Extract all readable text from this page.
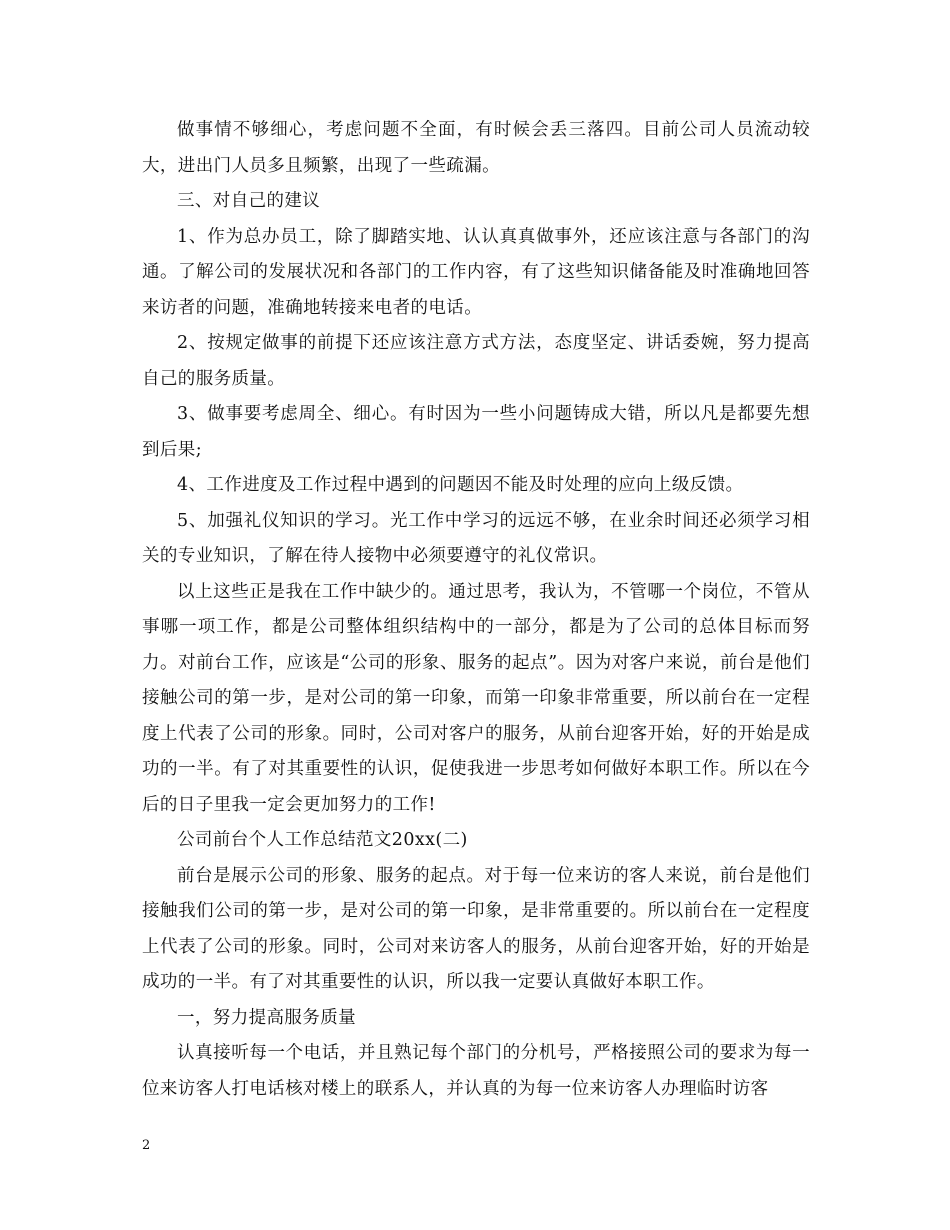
做事情不够细心，考虑问题不全面，有时候会丢三落四。目前公司人员流动较大，进出门人员多且频繁，出现了一些疏漏。

三、对自己的建议

1、作为总办员工，除了脚踏实地、认认真真做事外，还应该注意与各部门的沟通。了解公司的发展状况和各部门的工作内容，有了这些知识储备能及时准确地回答来访者的问题，准确地转接来电者的电话。

2、按规定做事的前提下还应该注意方式方法，态度坚定、讲话委婉，努力提高自己的服务质量。

3、做事要考虑周全、细心。有时因为一些小问题铸成大错，所以凡是都要先想到后果;

4、工作进度及工作过程中遇到的问题因不能及时处理的应向上级反馈。

5、加强礼仪知识的学习。光工作中学习的远远不够，在业余时间还必须学习相关的专业知识，了解在待人接物中必须要遵守的礼仪常识。

以上这些正是我在工作中缺少的。通过思考，我认为，不管哪一个岗位，不管从事哪一项工作，都是公司整体组织结构中的一部分，都是为了公司的总体目标而努力。对前台工作，应该是“公司的形象、服务的起点”。因为对客户来说，前台是他们接触公司的第一步，是对公司的第一印象，而第一印象非常重要，所以前台在一定程度上代表了公司的形象。同时，公司对客户的服务，从前台迎客开始，好的开始是成功的一半。有了对其重要性的认识，促使我进一步思考如何做好本职工作。所以在今后的日子里我一定会更加努力的工作!

公司前台个人工作总结范文20xx(二)

前台是展示公司的形象、服务的起点。对于每一位来访的客人来说，前台是他们接触我们公司的第一步，是对公司的第一印象，是非常重要的。所以前台在一定程度上代表了公司的形象。同时，公司对来访客人的服务，从前台迎客开始，好的开始是成功的一半。有了对其重要性的认识，所以我一定要认真做好本职工作。

一，努力提高服务质量

认真接听每一个电话，并且熟记每个部门的分机号，严格接照公司的要求为每一位来访客人打电话核对楼上的联系人，并认真的为每一位来访客人办理临时访客

2
